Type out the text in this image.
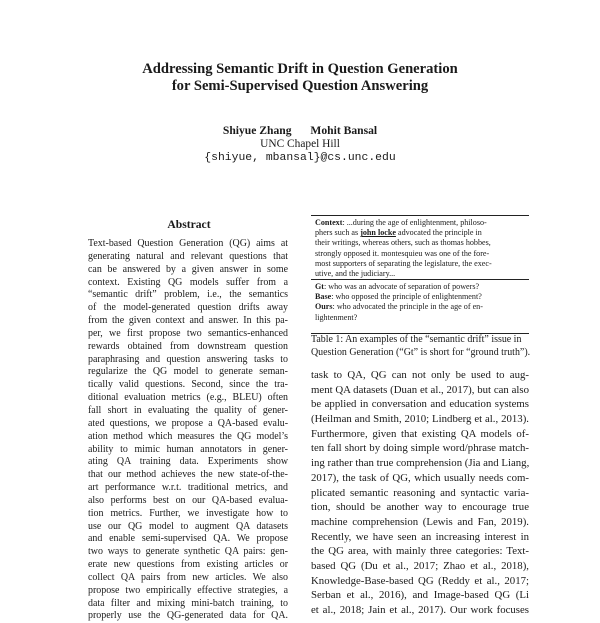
Addressing Semantic Drift in Question Generation
for Semi-Supervised Question Answering
Shiyue Zhang Mohit Bansal
UNC Chapel Hill
{shiyue, mbansal}@cs.unc.edu
Abstract
Text-based Question Generation (QG) aims at
generating natural and relevant questions that
can be answered by a given answer in some
context. Existing QG models suffer from a
“semantic drift” problem, i.e., the semantics
of the model-generated question drifts away
from the given context and answer. In this pa-
per, we first propose two semantics-enhanced
rewards obtained from downstream question
paraphrasing and question answering tasks to
regularize the QG model to generate seman-
tically valid questions. Second, since the tra-
ditional evaluation metrics (e.g., BLEU) often
fall short in evaluating the quality of gener-
ated questions, we propose a QA-based evalu-
ation method which measures the QG model’s
ability to mimic human annotators in gener-
ating QA training data. Experiments show
that our method achieves the new state-of-the-
art performance w.r.t. traditional metrics, and
also performs best on our QA-based evalua-
tion metrics. Further, we investigate how to
use our QG model to augment QA datasets
and enable semi-supervised QA. We propose
two ways to generate synthetic QA pairs: gen-
erate new questions from existing articles or
collect QA pairs from new articles. We also
propose two empirically effective strategies, a
data filter and mixing mini-batch training, to
properly use the QG-generated data for QA.
Context: ...during the age of enlightenment, philoso-
phers such as john locke advocated the principle in
their writings, whereas others, such as thomas hobbes,
strongly opposed it. montesquieu was one of the fore-
most supporters of separating the legislature, the exec-
utive, and the judiciary...
Gt: who was an advocate of separation of powers?
Base: who opposed the principle of enlightenment?
Ours: who advocated the principle in the age of en-
lightenment?
Table 1: An examples of the “semantic drift” issue in
Question Generation (“Gt” is short for “ground truth”).
task to QA, QG can not only be used to aug-
ment QA datasets (Duan et al., 2017), but can also
be applied in conversation and education systems
(Heilman and Smith, 2010; Lindberg et al., 2013).
Furthermore, given that existing QA models of-
ten fall short by doing simple word/phrase match-
ing rather than true comprehension (Jia and Liang,
2017), the task of QG, which usually needs com-
plicated semantic reasoning and syntactic varia-
tion, should be another way to encourage true
machine comprehension (Lewis and Fan, 2019).
Recently, we have seen an increasing interest in
the QG area, with mainly three categories: Text-
based QG (Du et al., 2017; Zhao et al., 2018),
Knowledge-Base-based QG (Reddy et al., 2017;
Serban et al., 2016), and Image-based QG (Li
et al., 2018; Jain et al., 2017). Our work focuses
